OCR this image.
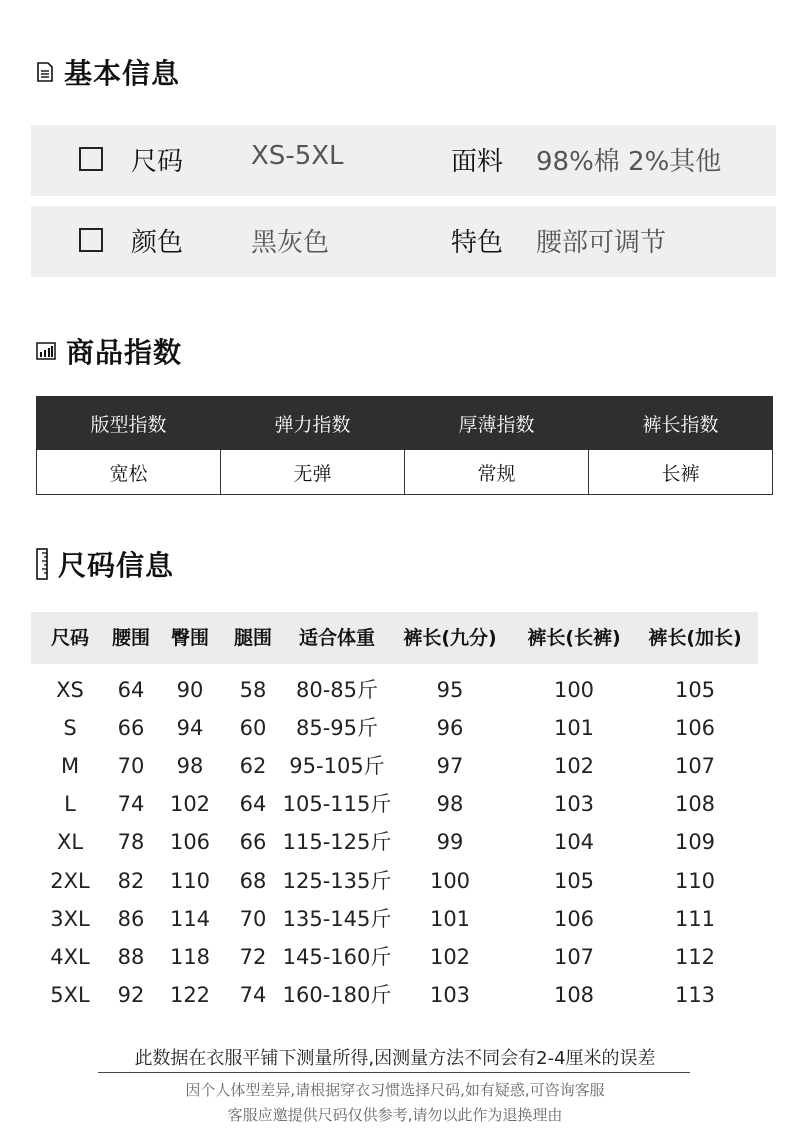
基本信息
尺码	XS-5XL	面料 98%棉 2%其他
颜色	黑灰色	特色 腰部可调节
商品指数
版型指数	弹力指数	厚薄指数	裤长指数
宽松	无弹	常规	长裤
尺码信息
此数据在衣服平铺下测量所得,因测量方法不同会有2-4厘米的误差
因个人体型差异,请根据穿衣习惯选择尺码,如有疑惑,可咨询客服
客服应邀提供尺码仅供参考,请勿以此作为退换理由
尺码	腰围	臀围	腿围	适合体重	裤长(九分)	裤长(长裤)	裤长(加长)
XS	64	90	58	80-85斤	95	100	105
S	66	94	60	85-95斤	96	101	106
M	70	98	62	95-105斤	97	102	107
L	74	102	64 105-115斤	98	103	108
XL	78	106	66 115-125斤	99	104	109
2XL	82	110	68 125-135斤	100	105	110
3XL	86	114	70 135-145斤	101	106	111
4XL	88	118	72 145-160斤	102	107	112
5XL	92	122	74 160-180斤	103	108	113
